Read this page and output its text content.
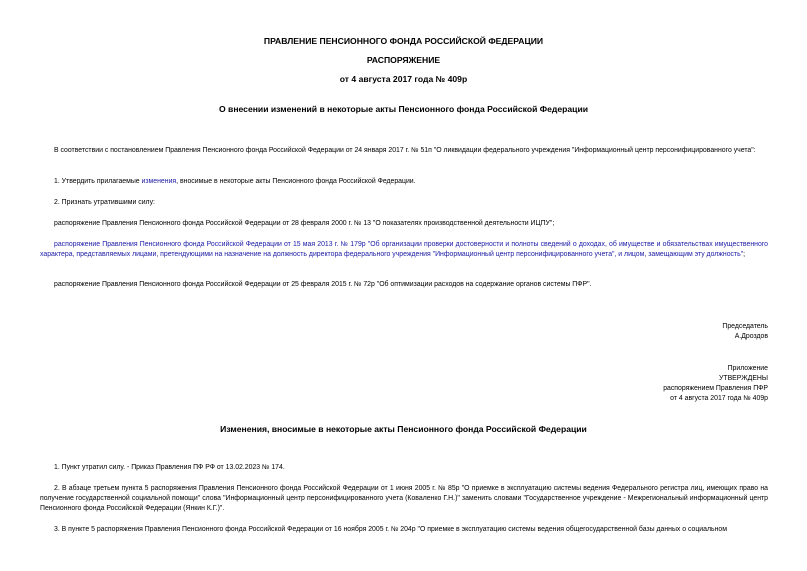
ПРАВЛЕНИЕ ПЕНСИОННОГО ФОНДА РОССИЙСКОЙ ФЕДЕРАЦИИ
РАСПОРЯЖЕНИЕ
от 4 августа 2017 года № 409р
О внесении изменений в некоторые акты Пенсионного фонда Российской Федерации
В соответствии с постановлением Правления Пенсионного фонда Российской Федерации от 24 января 2017 г. № 51п "О ликвидации федерального учреждения "Информационный центр персонифицированного учета":
1. Утвердить прилагаемые изменения, вносимые в некоторые акты Пенсионного фонда Российской Федерации.
2. Признать утратившими силу:
распоряжение Правления Пенсионного фонда Российской Федерации от 28 февраля 2000 г. № 13 "О показателях производственной деятельности ИЦПУ";
распоряжение Правления Пенсионного фонда Российской Федерации от 15 мая 2013 г. № 179р "Об организации проверки достоверности и полноты сведений о доходах, об имуществе и обязательствах имущественного характера, представляемых лицами, претендующими на назначение на должность директора федерального учреждения "Информационный центр персонифицированного учета", и лицом, замещающим эту должность";
распоряжение Правления Пенсионного фонда Российской Федерации от 25 февраля 2015 г. № 72р "Об оптимизации расходов на содержание органов системы ПФР".
Председатель
А.Дроздов
Приложение
УТВЕРЖДЕНЫ
распоряжением Правления ПФР
от 4 августа 2017 года № 409р
Изменения, вносимые в некоторые акты Пенсионного фонда Российской Федерации
1. Пункт утратил силу. - Приказ Правления ПФ РФ от 13.02.2023 № 174.
2. В абзаце третьем пункта 5 распоряжения Правления Пенсионного фонда Российской Федерации от 1 июня 2005 г. № 85р "О приемке в эксплуатацию системы ведения Федерального регистра лиц, имеющих право на получение государственной социальной помощи" слова "Информационный центр персонифицированного учета (Коваленко Г.Н.)" заменить словами "Государственное учреждение - Межрегиональный информационный центр Пенсионного фонда Российской Федерации (Янкин К.Г.)".
3. В пункте 5 распоряжения Правления Пенсионного фонда Российской Федерации от 16 ноября 2005 г. № 204р "О приемке в эксплуатацию системы ведения общегосударственной базы данных о социальном
